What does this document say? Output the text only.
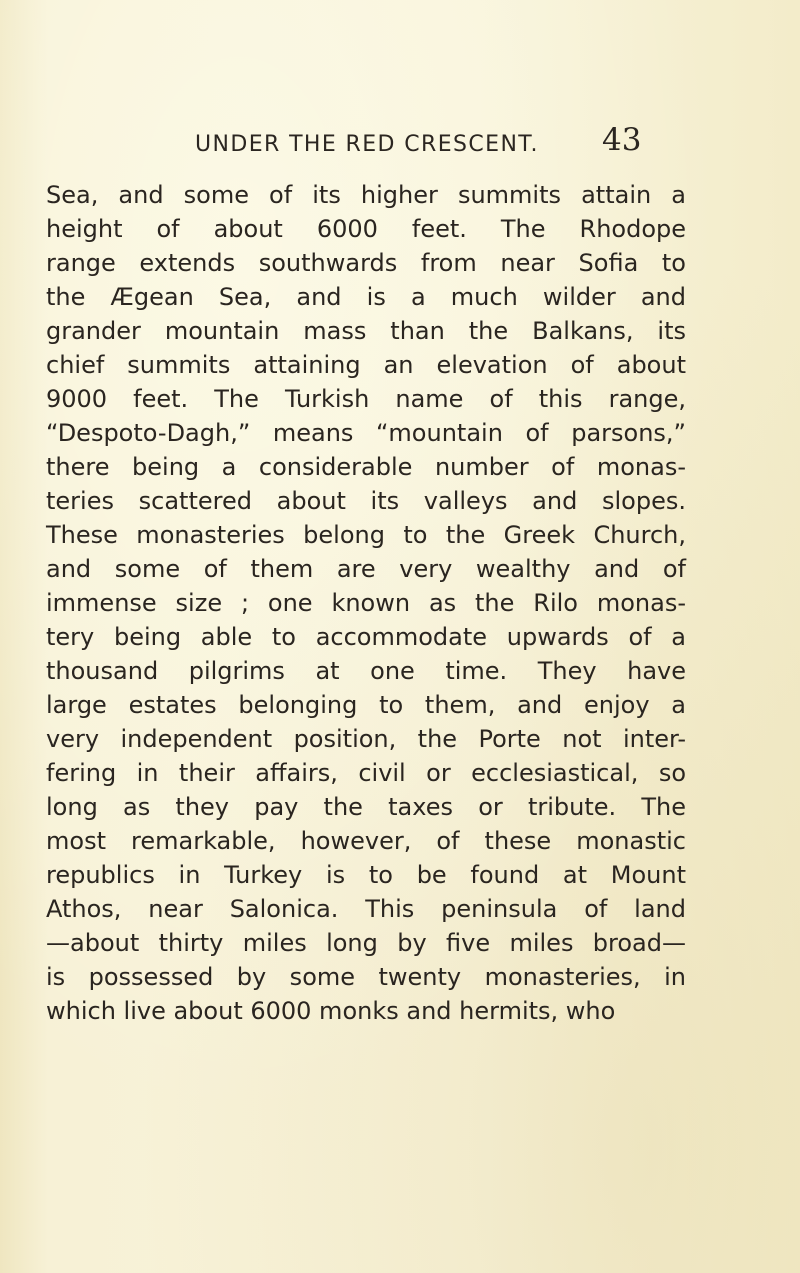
UNDER THE RED CRESCENT. 43
Sea, and some of its higher summits attain a
height of about 6000 feet. The Rhodope
range extends southwards from near Sofia to
the Ægean Sea, and is a much wilder and
grander mountain mass than the Balkans, its
chief summits attaining an elevation of about
9000 feet. The Turkish name of this range,
“Despoto-Dagh,” means “mountain of parsons,”
there being a considerable number of monas-
teries scattered about its valleys and slopes.
These monasteries belong to the Greek Church,
and some of them are very wealthy and of
immense size ; one known as the Rilo monas-
tery being able to accommodate upwards of a
thousand pilgrims at one time. They have
large estates belonging to them, and enjoy a
very independent position, the Porte not inter-
fering in their affairs, civil or ecclesiastical, so
long as they pay the taxes or tribute. The
most remarkable, however, of these monastic
republics in Turkey is to be found at Mount
Athos, near Salonica. This peninsula of land
—about thirty miles long by five miles broad—
is possessed by some twenty monasteries, in
which live about 6000 monks and hermits, who
